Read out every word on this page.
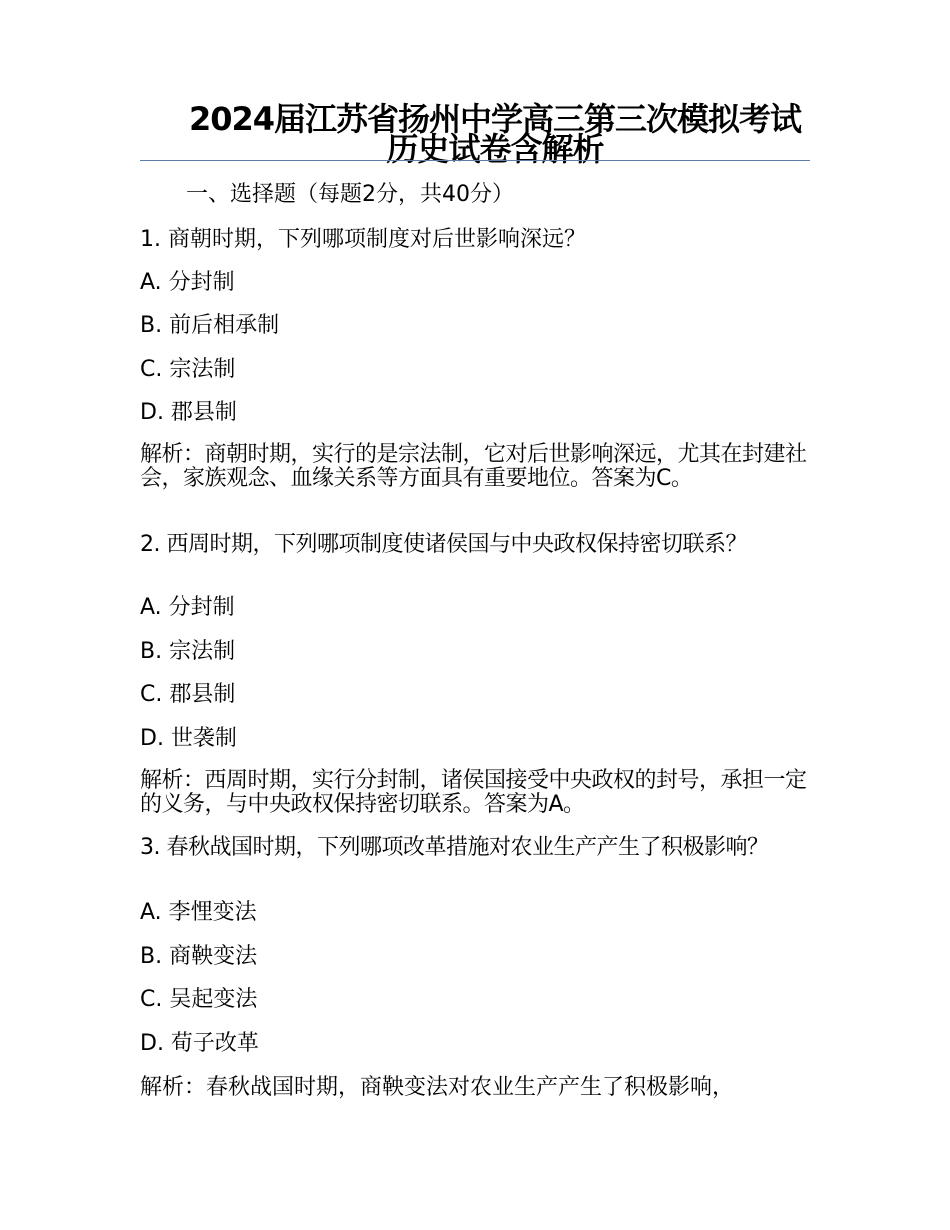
2024届江苏省扬州中学高三第三次模拟考试历史试卷含解析
一、选择题（每题2分，共40分）
1. 商朝时期，下列哪项制度对后世影响深远？
A. 分封制
B. 前后相承制
C. 宗法制
D. 郡县制
解析：商朝时期，实行的是宗法制，它对后世影响深远，尤其在封建社会，家族观念、血缘关系等方面具有重要地位。答案为C。
2. 西周时期，下列哪项制度使诸侯国与中央政权保持密切联系？
A. 分封制
B. 宗法制
C. 郡县制
D. 世袭制
解析：西周时期，实行分封制，诸侯国接受中央政权的封号，承担一定的义务，与中央政权保持密切联系。答案为A。
3. 春秋战国时期，下列哪项改革措施对农业生产产生了积极影响？
A. 李悝变法
B. 商鞅变法
C. 吴起变法
D. 荀子改革
解析：春秋战国时期，商鞅变法对农业生产产生了积极影响，
